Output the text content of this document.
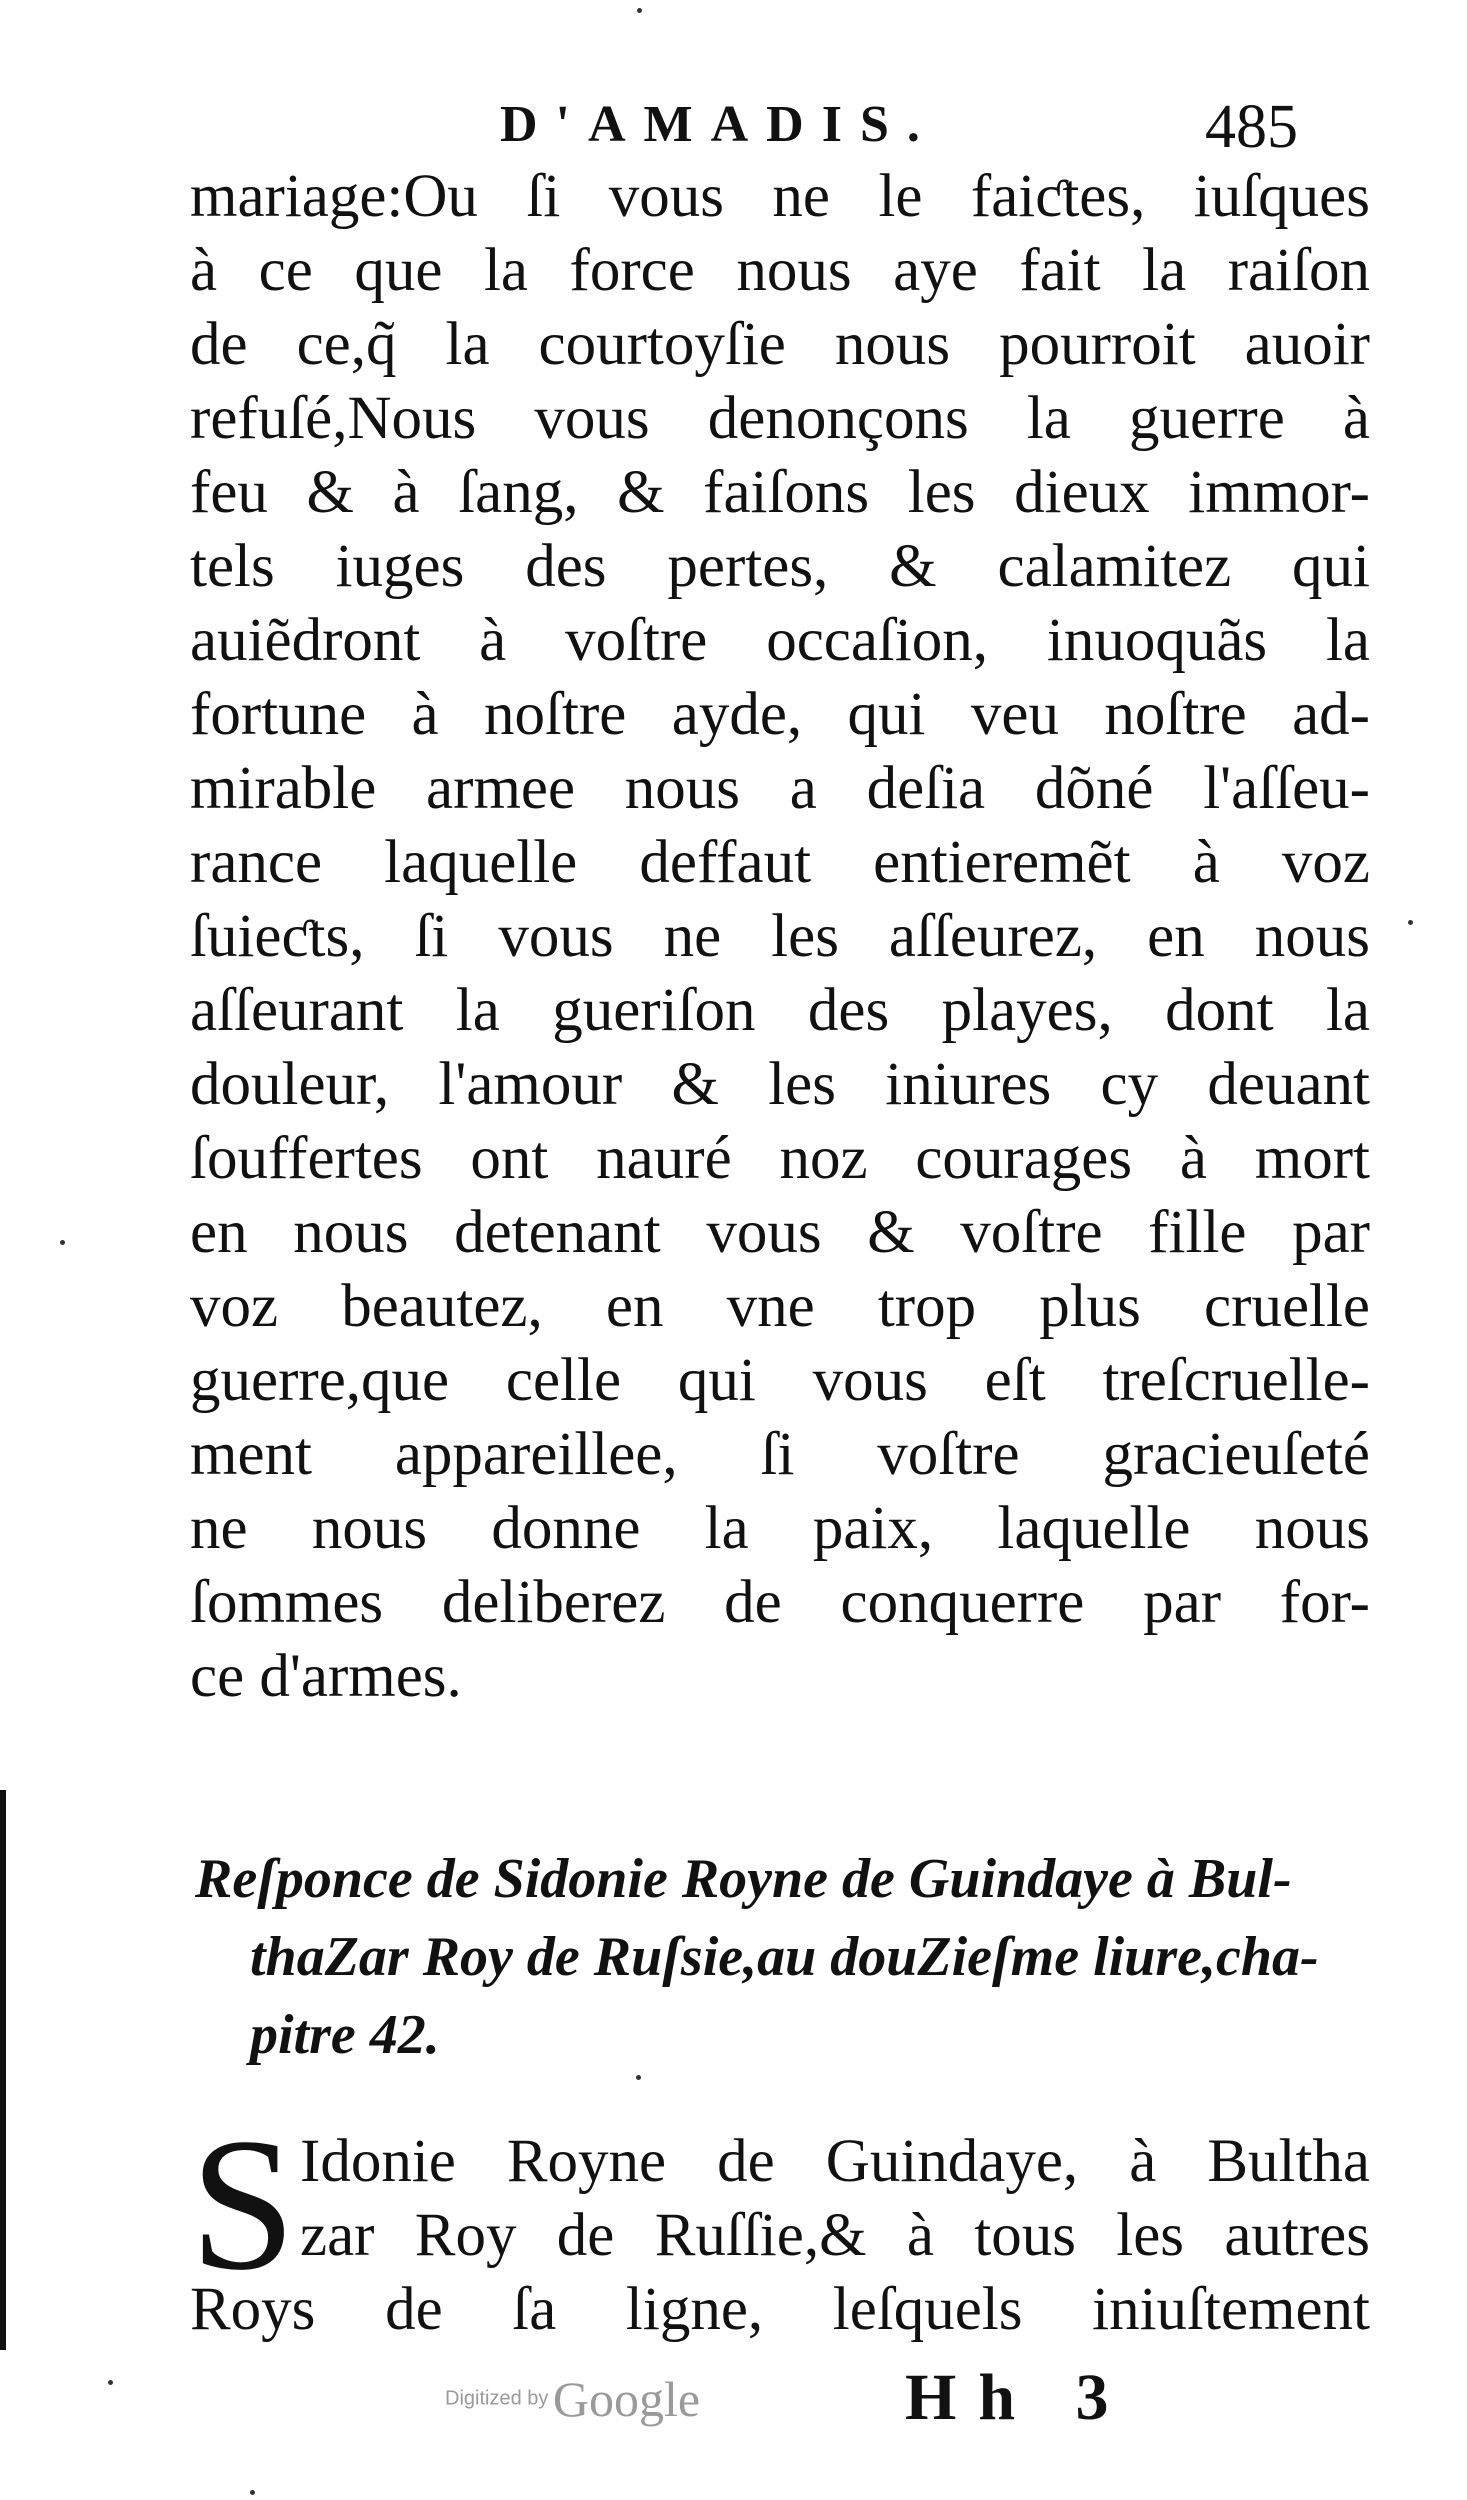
D'AMADIS.	485
mariage:Ou ſi vous ne le faiƈtes, iuſques
à ce que la force nous aye fait la raiſon
de ce,q̃ la courtoyſie nous pourroit auoir
refuſé,Nous vous denonçons la guerre à
feu & à ſang, & faiſons les dieux immor-
tels iuges des pertes, & calamitez qui
auiẽdront à voſtre occaſion, inuoquãs la
fortune à noſtre ayde, qui veu noſtre ad-
mirable armee nous a deſia dõné l'aſſeu-
rance laquelle deffaut entieremẽt à voz
ſuieƈts, ſi vous ne les aſſeurez, en nous
aſſeurant la gueriſon des playes, dont la
douleur, l'amour & les iniures cy deuant
ſouffertes ont nauré noz courages à mort
en nous detenant vous & voſtre fille par
voz beautez, en vne trop plus cruelle
guerre,que celle qui vous eſt treſcruelle-
ment appareillee, ſi voſtre gracieuſeté
ne nous donne la paix, laquelle nous
ſommes deliberez de conquerre par for-
ce d'armes.
Reſponce de Sidonie Royne de Guindaye à Bul-
thaZar Roy de Ruſsie,au douZieſme liure,cha-
pitre 42.
S Idonie Royne de Guindaye, à Bultha
zar Roy de Ruſſie,& à tous les autres
Roys de ſa ligne, leſquels iniuſtement
Digitized by Google	Hh 3
